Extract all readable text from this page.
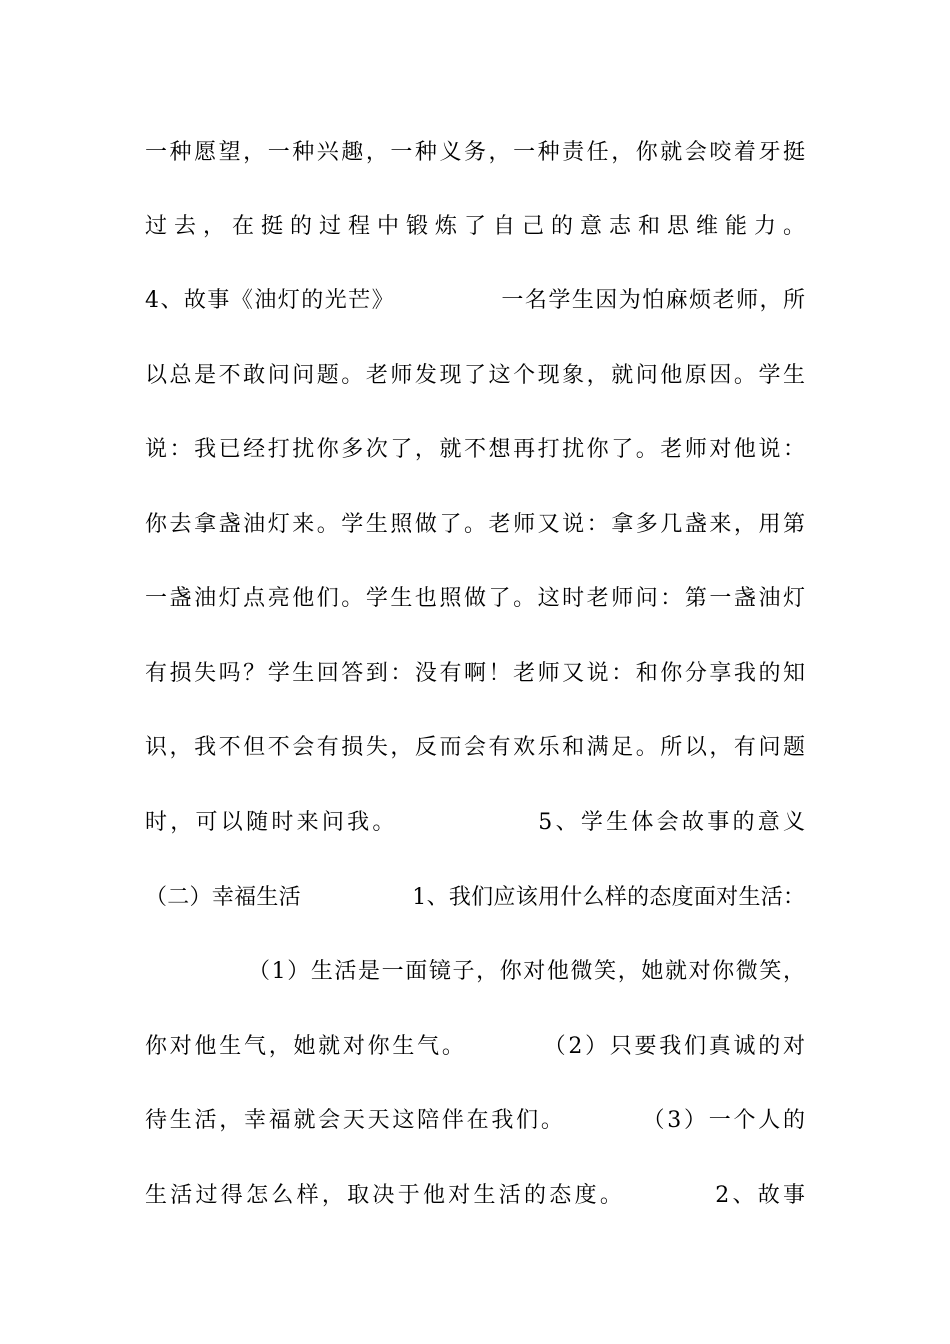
一种愿望，一种兴趣，一种义务，一种责任，你就会咬着牙挺
过去，在挺的过程中锻炼了自己的意志和思维能力。
4、故事《油灯的光芒》　　　　　一名学生因为怕麻烦老师，所
以总是不敢问问题。老师发现了这个现象，就问他原因。学生
说：我已经打扰你多次了，就不想再打扰你了。老师对他说：
你去拿盏油灯来。学生照做了。老师又说：拿多几盏来，用第
一盏油灯点亮他们。学生也照做了。这时老师问：第一盏油灯
有损失吗？学生回答到：没有啊！老师又说：和你分享我的知
识，我不但不会有损失，反而会有欢乐和满足。所以，有问题
时，可以随时来问我。　　　　　　5、学生体会故事的意义
（二）幸福生活　　　　　1、我们应该用什么样的态度面对生活：
（1）生活是一面镜子，你对他微笑，她就对你微笑，
你对他生气，她就对你生气。　　　　（2）只要我们真诚的对
待生活，幸福就会天天这陪伴在我们。　　　　（3）一个人的
生活过得怎么样，取决于他对生活的态度。　　　　2、故事
